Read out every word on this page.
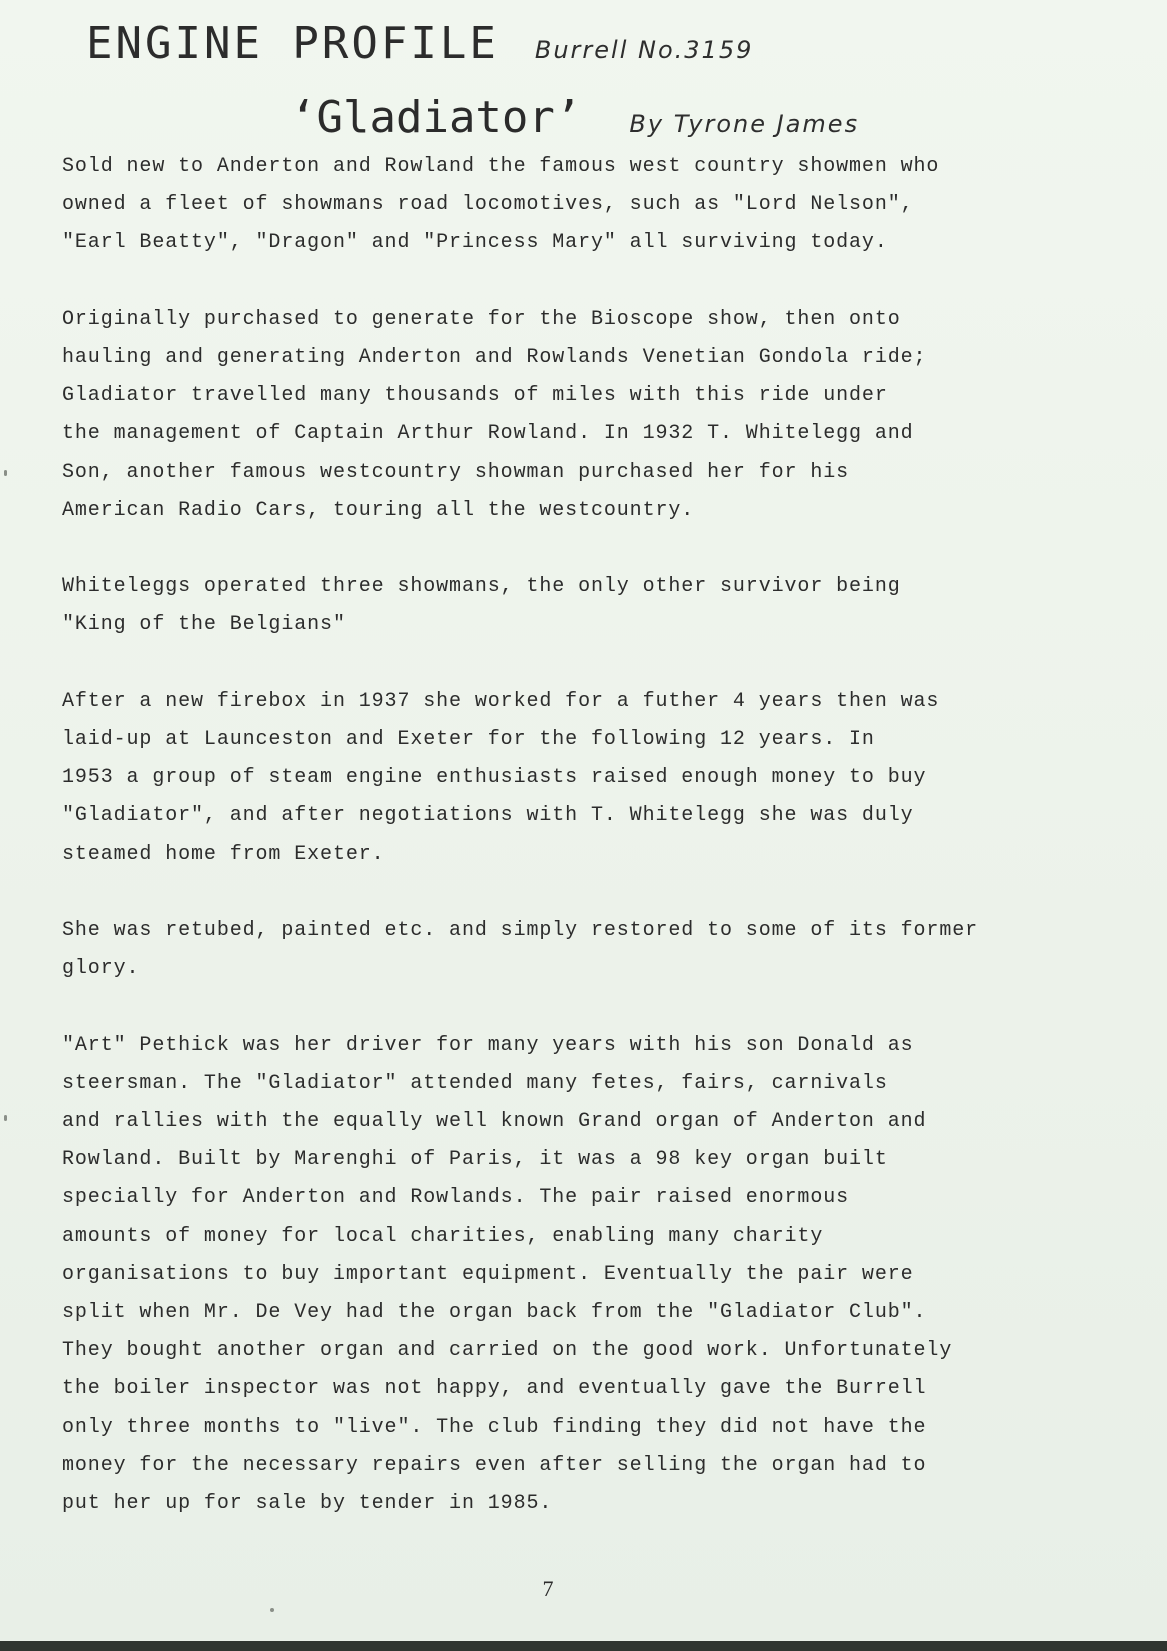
ENGINE PROFILE Burrell No.3159
‘Gladiator’ By Tyrone James

Sold new to Anderton and Rowland the famous west country showmen who
owned a fleet of showmans road locomotives, such as "Lord Nelson",
"Earl Beatty", "Dragon" and "Princess Mary" all surviving today.

Originally purchased to generate for the Bioscope show, then onto
hauling and generating Anderton and Rowlands Venetian Gondola ride;
Gladiator travelled many thousands of miles with this ride under
the management of Captain Arthur Rowland. In 1932 T. Whitelegg and
Son, another famous westcountry showman purchased her for his
American Radio Cars, touring all the westcountry.

Whiteleggs operated three showmans, the only other survivor being
"King of the Belgians"

After a new firebox in 1937 she worked for a futher 4 years then was
laid-up at Launceston and Exeter for the following 12 years. In
1953 a group of steam engine enthusiasts raised enough money to buy
"Gladiator", and after negotiations with T. Whitelegg she was duly
steamed home from Exeter.

She was retubed, painted etc. and simply restored to some of its former
glory.

"Art" Pethick was her driver for many years with his son Donald as
steersman. The "Gladiator" attended many fetes, fairs, carnivals
and rallies with the equally well known Grand organ of Anderton and
Rowland. Built by Marenghi of Paris, it was a 98 key organ built
specially for Anderton and Rowlands. The pair raised enormous
amounts of money for local charities, enabling many charity
organisations to buy important equipment. Eventually the pair were
split when Mr. De Vey had the organ back from the "Gladiator Club".
They bought another organ and carried on the good work. Unfortunately
the boiler inspector was not happy, and eventually gave the Burrell
only three months to "live". The club finding they did not have the
money for the necessary repairs even after selling the organ had to
put her up for sale by tender in 1985.

7
